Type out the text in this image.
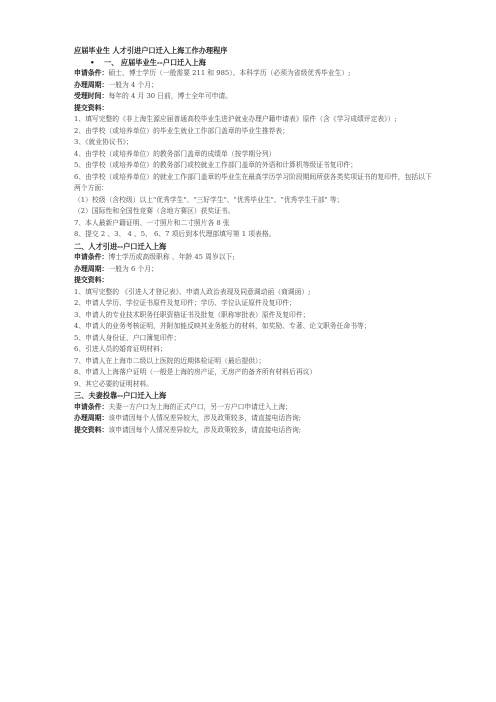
应届毕业生 人才引进户口迁入上海工作办理程序
• 一、 应届毕业生--户口迁入上海
申请条件：硕士、博士学历（一般需要 211 和 985）、本科学历（必须为省级优秀毕业生）;
办理周期：一般为 4 个月；
受理时间：每年的 4 月 30 日前，博士全年可申请。
提交资料：
1、填写完整的《非上海生源应届普通高校毕业生进沪就业办理户籍申请表》原件（含《学习成绩评定表》）;
2、由学校（或培养单位）的毕业生就业工作部门盖章的毕业生推荐表；
3、《就业协议书》；
4、由学校（或培养单位）的教务部门盖章的成绩单（按学期分列）
5、由学校（或培养单位）的教务部门或校就业工作部门盖章的外语和计算机等级证书复印件；
6、由学校（或培养单位）的就业工作部门盖章的毕业生在最高学历学习阶段期间所获各类奖项证书的复印件，包括以下两个方面：
（1）校级（含校级）以上"优秀学生"、"三好学生"、"优秀毕业生"、"优秀学生干部" 等；
（2）国际性和全国性竞赛（含地方赛区）获奖证书。
7、本人最新户籍证明、一寸照片和二寸照片各 8 张
8、提交 2 、3、 4 、5、 6、7 项后到本代理部填写第 1 项表格。
二、人才引进--户口迁入上海
申请条件：博士学历或高级职称 、年龄 45 周岁以下;
办理周期：一般为 6 个月；
提交资料：
1、填写完整的 《引进人才登记表》、申请人政治表现及同意调动函（商调函）;
2、申请人学历、学位证书原件及复印件；学历、学位认证原件及复印件；
3、申请人的专业技术职务任职资格证书及批复（职称审批表）原件及复印件；
4、申请人的业务考核证明，并附加能反映其业务能力的材料，如奖励、专著、论文职务任命书等；
5、申请人身份证、户口簿复印件；
6、引进人员的婚育证明材料；
7、申请人在上海市二级以上医院的近期体检证明（最后提供）；
8、申请人上海落户证明（一般是上海的房产证，无房产的备齐所有材料后再议）
9、其它必要的证明材料。
三、夫妻投靠--户口迁入上海
申请条件：夫妻一方户口为上海的正式户口，另一方户口申请迁入上海；
办理周期：该申请因每个人情况差异较大，涉及政策较多，请直接电话咨询;
提交资料：该申请因每个人情况差异较大，涉及政策较多，请直接电话咨询;
